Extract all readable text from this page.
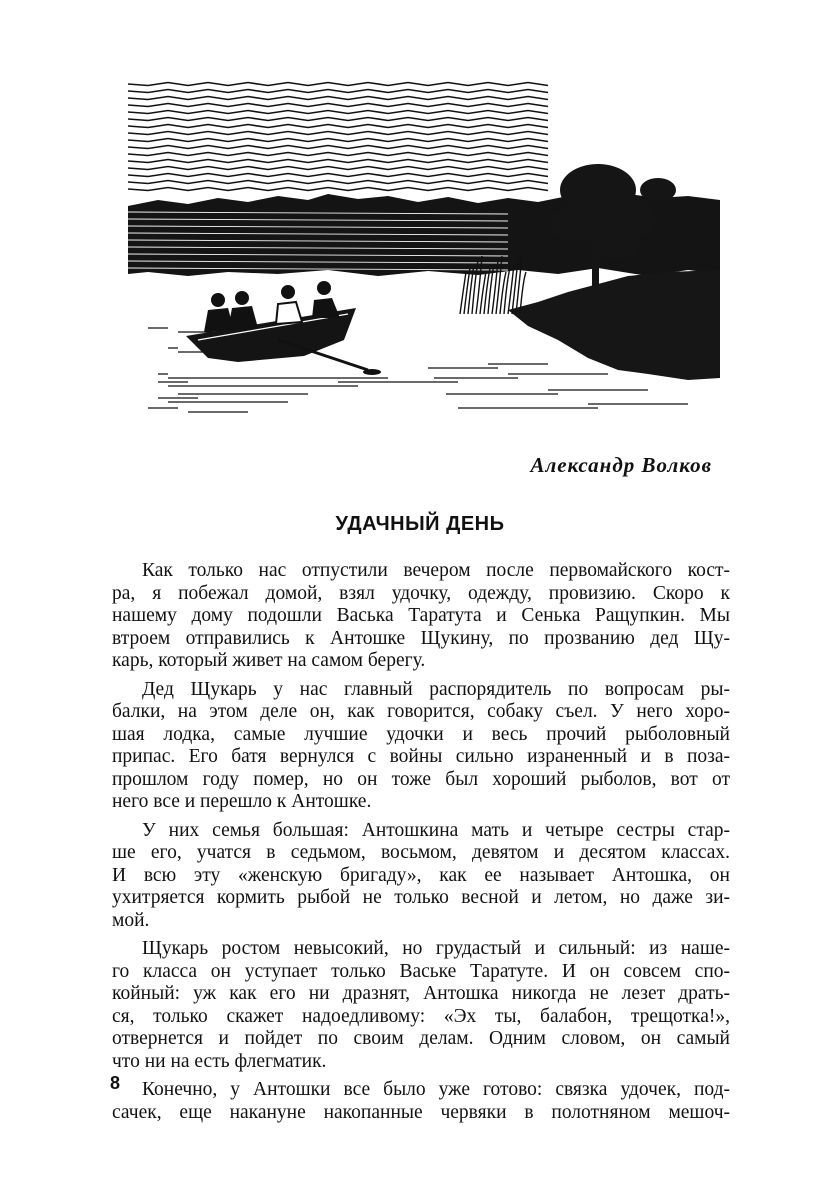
Александр Волков
УДАЧНЫЙ ДЕНЬ
Как только нас отпустили вечером после первомайского кост-
ра, я побежал домой, взял удочку, одежду, провизию. Скоро к
нашему дому подошли Васька Таратута и Сенька Ращупкин. Мы
втроем отправились к Антошке Щукину, по прозванию дед Щу-
карь, который живет на самом берегу.
Дед Щукарь у нас главный распорядитель по вопросам ры-
балки, на этом деле он, как говорится, собаку съел. У него хоро-
шая лодка, самые лучшие удочки и весь прочий рыболовный
припас. Его батя вернулся с войны сильно израненный и в поза-
прошлом году помер, но он тоже был хороший рыболов, вот от
него все и перешло к Антошке.
У них семья большая: Антошкина мать и четыре сестры стар-
ше его, учатся в седьмом, восьмом, девятом и десятом классах.
И всю эту «женскую бригаду», как ее называет Антошка, он
ухитряется кормить рыбой не только весной и летом, но даже зи-
мой.
Щукарь ростом невысокий, но грудастый и сильный: из наше-
го класса он уступает только Ваське Таратуте. И он совсем спо-
койный: уж как его ни дразнят, Антошка никогда не лезет драть-
ся, только скажет надоедливому: «Эх ты, балабон, трещотка!»,
отвернется и пойдет по своим делам. Одним словом, он самый
что ни на есть флегматик.
Конечно, у Антошки все было уже готово: связка удочек, под-
сачек, еще накануне накопанные червяки в полотняном мешоч-
8
